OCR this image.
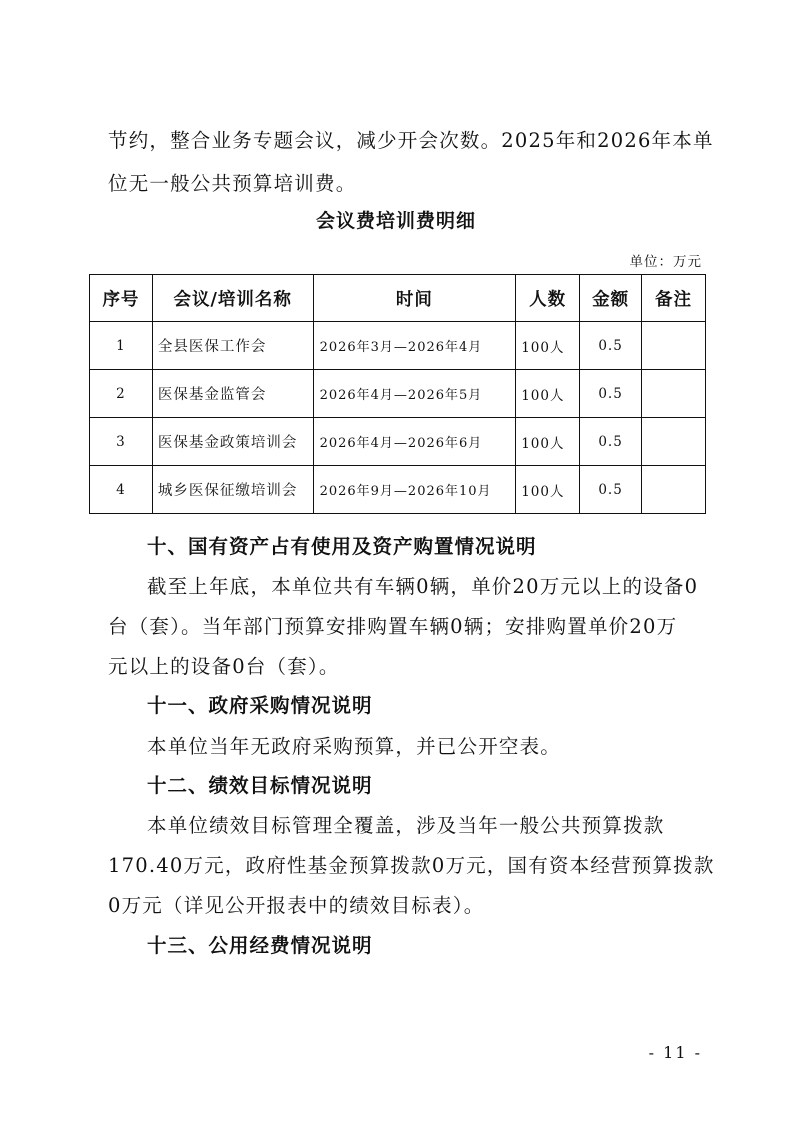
节约，整合业务专题会议，减少开会次数。2025年和2026年本单
位无一般公共预算培训费。
会议费培训费明细
单位：万元
序号	会议/培训名称	时间	人数	金额	备注
1	全县医保工作会	2026年3月—2026年4月	100人	0.5	
2	医保基金监管会	2026年4月—2026年5月	100人	0.5	
3	医保基金政策培训会	2026年4月—2026年6月	100人	0.5	
4	城乡医保征缴培训会	2026年9月—2026年10月	100人	0.5	
十、国有资产占有使用及资产购置情况说明
截至上年底，本单位共有车辆0辆，单价20万元以上的设备0
台（套）。当年部门预算安排购置车辆0辆；安排购置单价20万
元以上的设备0台（套）。
十一、政府采购情况说明
本单位当年无政府采购预算，并已公开空表。
十二、绩效目标情况说明
本单位绩效目标管理全覆盖，涉及当年一般公共预算拨款
170.40万元，政府性基金预算拨款0万元，国有资本经营预算拨款
0万元（详见公开报表中的绩效目标表）。
十三、公用经费情况说明
- 11 -
